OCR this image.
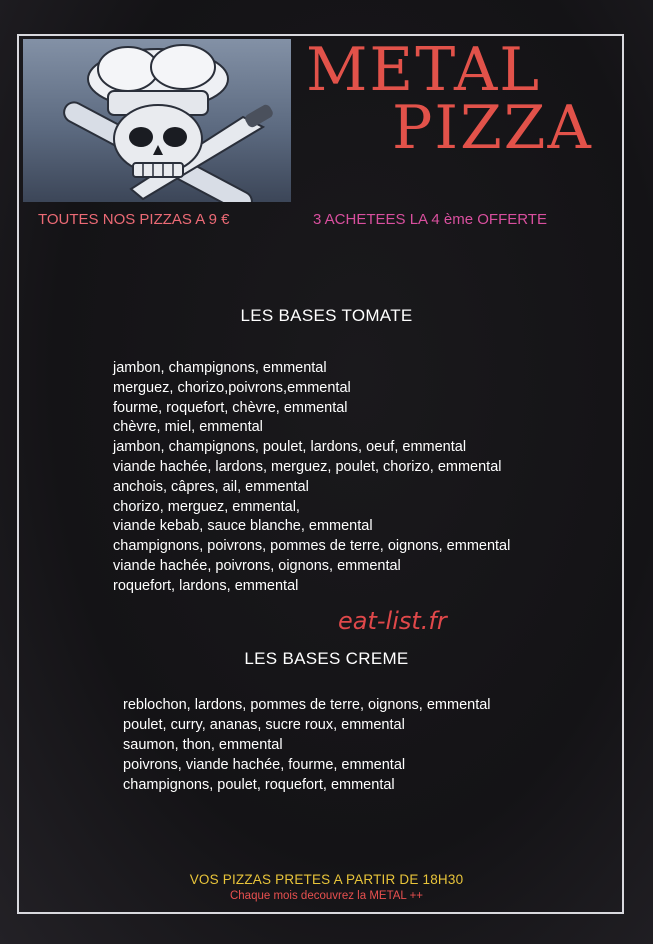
METAL
PIZZA
TOUTES NOS PIZZAS A 9 €	3 ACHETEES LA 4 ème OFFERTE
LES BASES TOMATE
jambon, champignons, emmental
merguez, chorizo,poivrons,emmental
fourme, roquefort, chèvre, emmental
chèvre, miel, emmental
jambon, champignons, poulet, lardons, oeuf, emmental
viande hachée, lardons, merguez, poulet, chorizo, emmental
anchois, câpres, ail, emmental
chorizo, merguez, emmental,
viande kebab, sauce blanche, emmental
champignons, poivrons, pommes de terre, oignons, emmental
viande hachée, poivrons, oignons, emmental
roquefort, lardons, emmental
eat-list.fr
LES BASES CREME
reblochon, lardons, pommes de terre, oignons, emmental
poulet, curry, ananas, sucre roux, emmental
saumon, thon, emmental
poivrons, viande hachée, fourme, emmental
champignons, poulet, roquefort, emmental
VOS PIZZAS PRETES A PARTIR DE 18H30
Chaque mois decouvrez la METAL ++
